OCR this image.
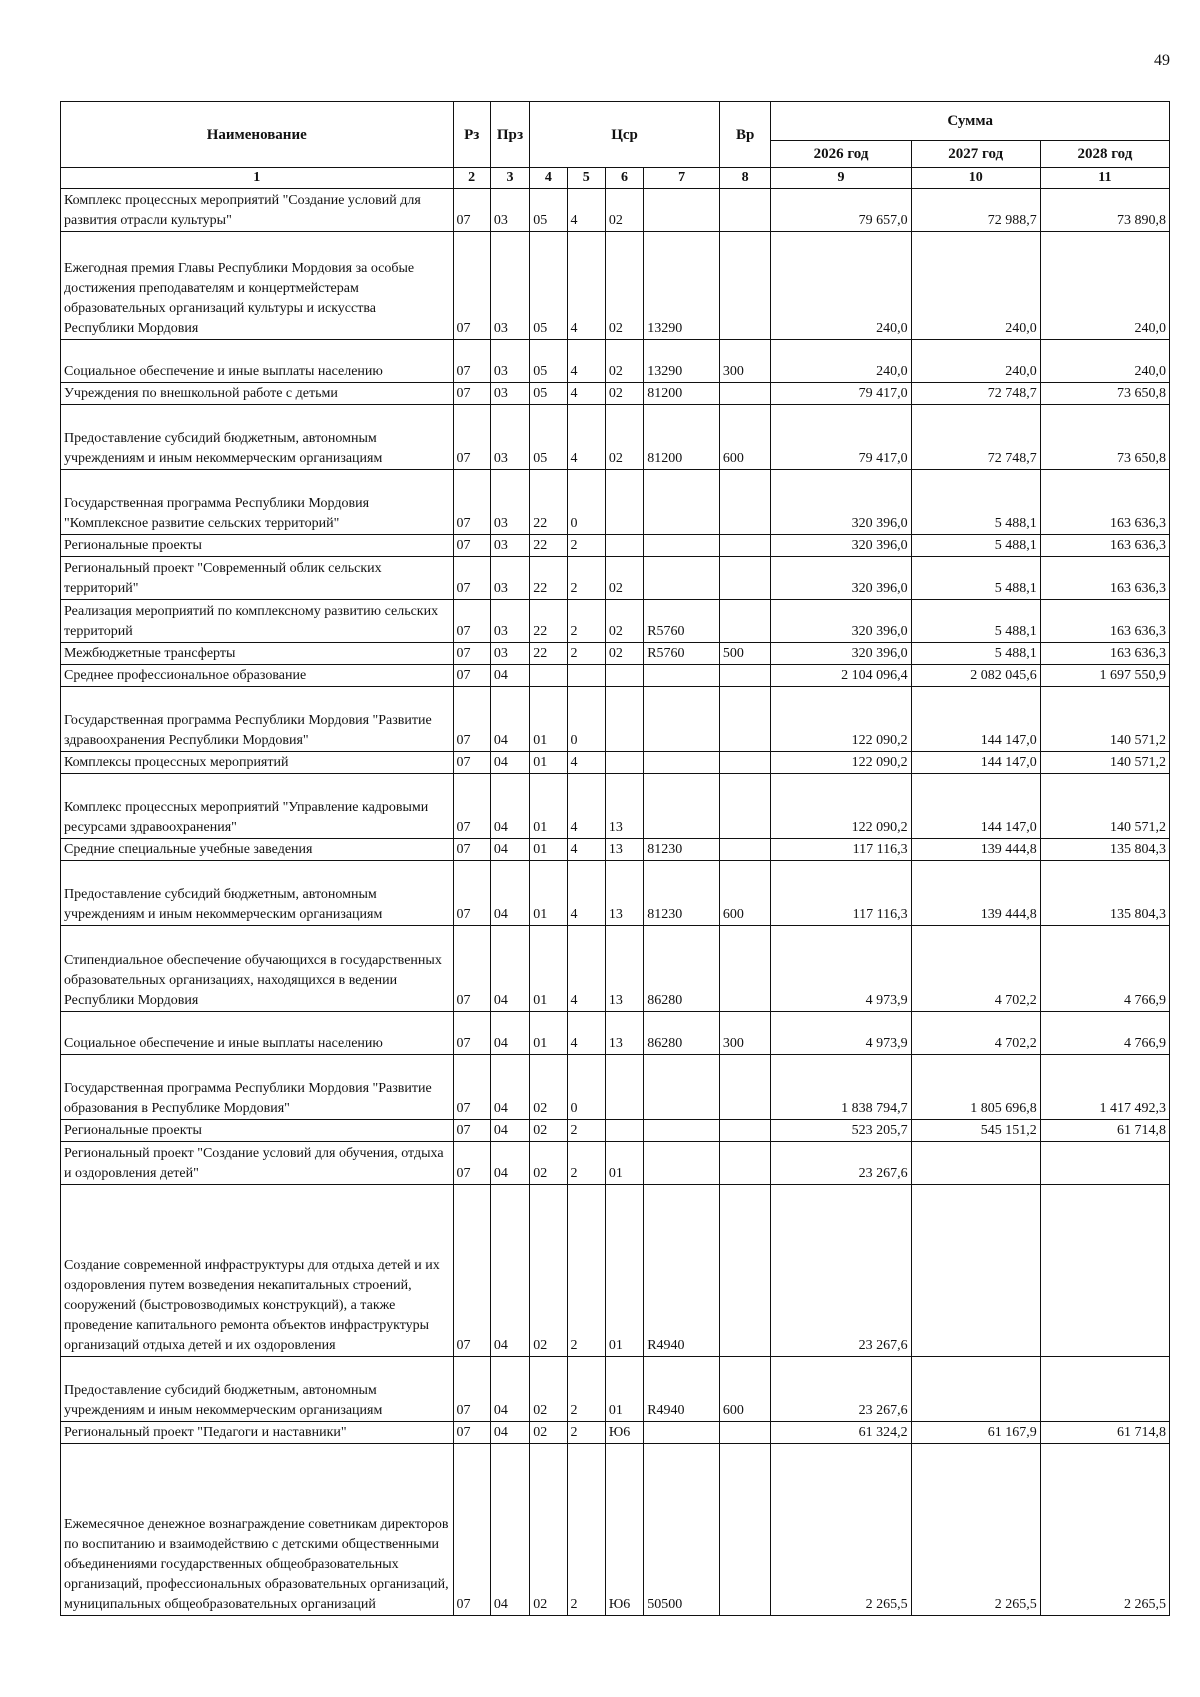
49
Наименование	Рз	Прз	Цср				Вр	Сумма		
								2026 год	2027 год	2028 год
1	2	3	4	5	6	7	8	9	10	11
Комплекс процессных мероприятий "Создание условий для развития отрасли культуры"	07	03	05	4	02			79 657,0	72 988,7	73 890,8
Ежегодная премия Главы Республики Мордовия за особые достижения преподавателям и концертмейстерам образовательных организаций культуры и искусства Республики Мордовия	07	03	05	4	02	13290		240,0	240,0	240,0
Социальное обеспечение и иные выплаты населению	07	03	05	4	02	13290	300	240,0	240,0	240,0
Учреждения по внешкольной работе с детьми	07	03	05	4	02	81200		79 417,0	72 748,7	73 650,8
Предоставление субсидий бюджетным, автономным учреждениям и иным некоммерческим организациям	07	03	05	4	02	81200	600	79 417,0	72 748,7	73 650,8
Государственная программа Республики Мордовия "Комплексное развитие сельских территорий"	07	03	22	0				320 396,0	5 488,1	163 636,3
Региональные проекты	07	03	22	2				320 396,0	5 488,1	163 636,3
Региональный проект "Современный облик сельских территорий"	07	03	22	2	02			320 396,0	5 488,1	163 636,3
Реализация мероприятий по комплексному развитию сельских территорий	07	03	22	2	02	R5760		320 396,0	5 488,1	163 636,3
Межбюджетные трансферты	07	03	22	2	02	R5760	500	320 396,0	5 488,1	163 636,3
Среднее профессиональное образование	07	04						2 104 096,4	2 082 045,6	1 697 550,9
Государственная программа Республики Мордовия "Развитие здравоохранения Республики Мордовия"	07	04	01	0				122 090,2	144 147,0	140 571,2
Комплексы процессных мероприятий	07	04	01	4				122 090,2	144 147,0	140 571,2
Комплекс процессных мероприятий "Управление кадровыми ресурсами здравоохранения"	07	04	01	4	13			122 090,2	144 147,0	140 571,2
Средние специальные учебные заведения	07	04	01	4	13	81230		117 116,3	139 444,8	135 804,3
Предоставление субсидий бюджетным, автономным учреждениям и иным некоммерческим организациям	07	04	01	4	13	81230	600	117 116,3	139 444,8	135 804,3
Стипендиальное обеспечение обучающихся в государственных образовательных организациях, находящихся в ведении Республики Мордовия	07	04	01	4	13	86280		4 973,9	4 702,2	4 766,9
Социальное обеспечение и иные выплаты населению	07	04	01	4	13	86280	300	4 973,9	4 702,2	4 766,9
Государственная программа Республики Мордовия "Развитие образования в Республике Мордовия"	07	04	02	0				1 838 794,7	1 805 696,8	1 417 492,3
Региональные проекты	07	04	02	2				523 205,7	545 151,2	61 714,8
Региональный проект "Создание условий для обучения, отдыха и оздоровления детей"	07	04	02	2	01			23 267,6		
Создание современной инфраструктуры для отдыха детей и их оздоровления путем возведения некапитальных строений, сооружений (быстровозводимых конструкций), а также проведение капитального ремонта объектов инфраструктуры организаций отдыха детей и их оздоровления	07	04	02	2	01	R4940		23 267,6		
Предоставление субсидий бюджетным, автономным учреждениям и иным некоммерческим организациям	07	04	02	2	01	R4940	600	23 267,6		
Региональный проект "Педагоги и наставники"	07	04	02	2	Ю6			61 324,2	61 167,9	61 714,8
Ежемесячное денежное вознаграждение советникам директоров по воспитанию и взаимодействию с детскими общественными объединениями государственных общеобразовательных организаций, профессиональных образовательных организаций, муниципальных общеобразовательных организаций	07	04	02	2	Ю6	50500		2 265,5	2 265,5	2 265,5
